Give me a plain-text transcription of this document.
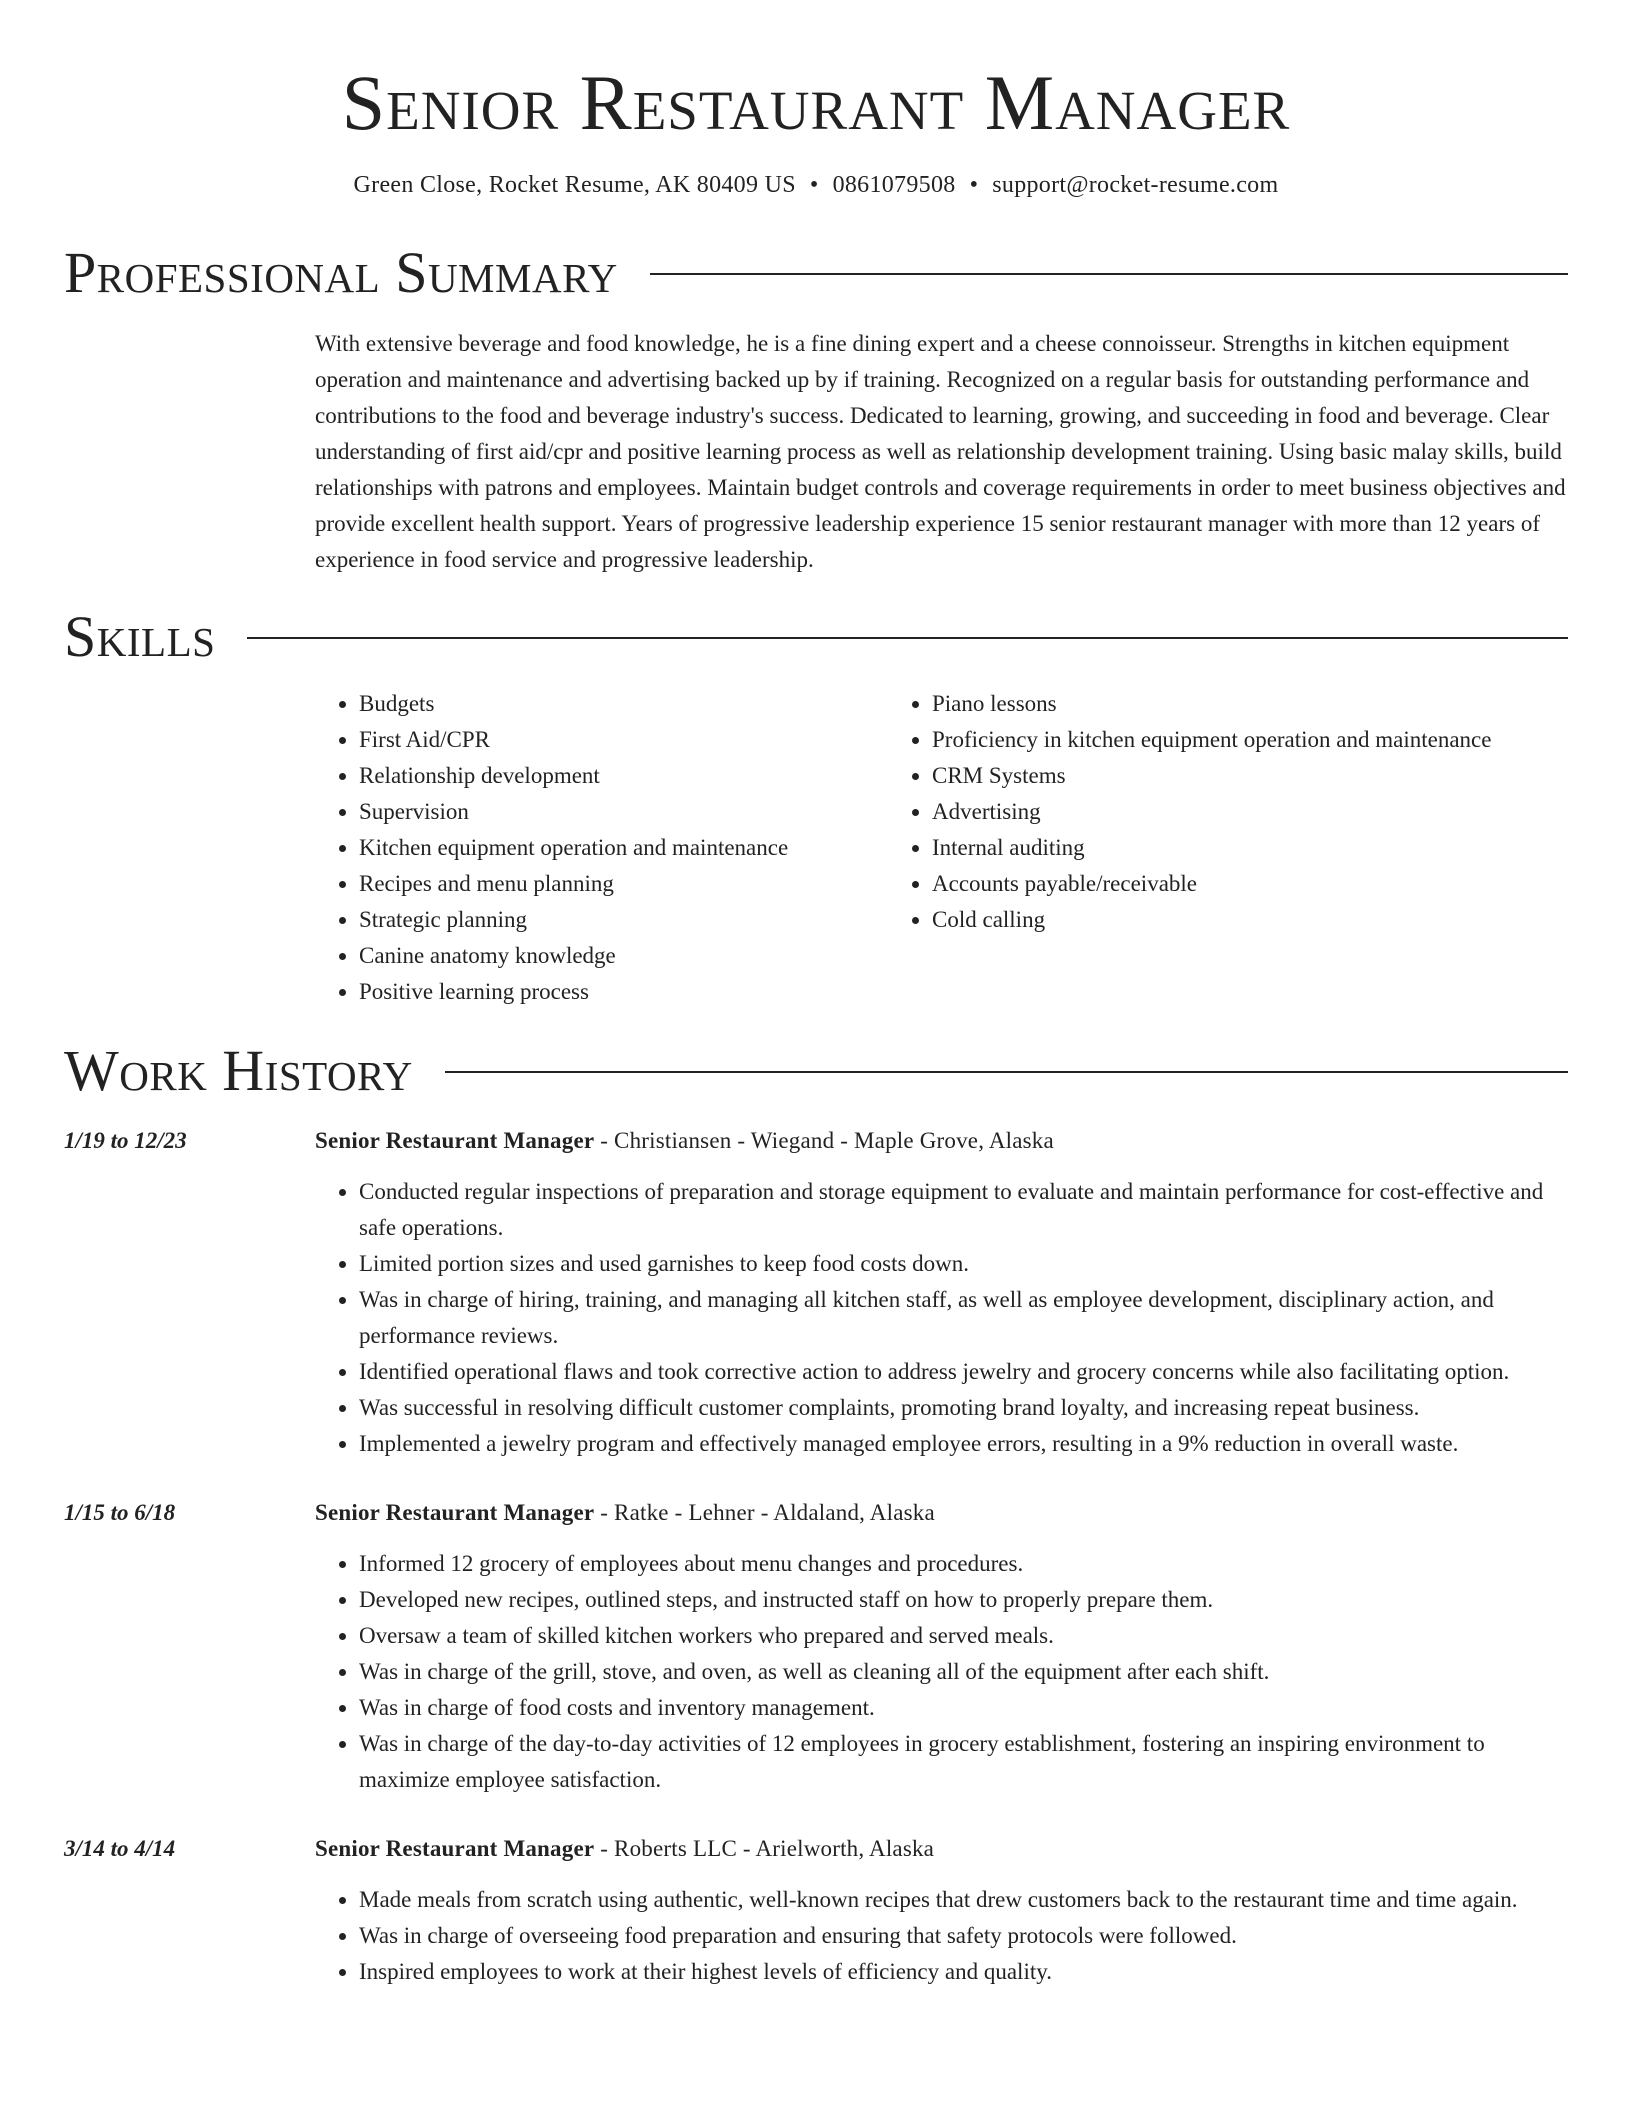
Senior Restaurant Manager
Green Close, Rocket Resume, AK 80409 US • 0861079508 • support@rocket-resume.com
Professional Summary
With extensive beverage and food knowledge, he is a fine dining expert and a cheese connoisseur. Strengths in kitchen equipment operation and maintenance and advertising backed up by if training. Recognized on a regular basis for outstanding performance and contributions to the food and beverage industry's success. Dedicated to learning, growing, and succeeding in food and beverage. Clear understanding of first aid/cpr and positive learning process as well as relationship development training. Using basic malay skills, build relationships with patrons and employees. Maintain budget controls and coverage requirements in order to meet business objectives and provide excellent health support. Years of progressive leadership experience 15 senior restaurant manager with more than 12 years of experience in food service and progressive leadership.
Skills
• Budgets
• First Aid/CPR
• Relationship development
• Supervision
• Kitchen equipment operation and maintenance
• Recipes and menu planning
• Strategic planning
• Canine anatomy knowledge
• Positive learning process
• Piano lessons
• Proficiency in kitchen equipment operation and maintenance
• CRM Systems
• Advertising
• Internal auditing
• Accounts payable/receivable
• Cold calling
Work History
1/19 to 12/23	Senior Restaurant Manager - Christiansen - Wiegand - Maple Grove, Alaska
• Conducted regular inspections of preparation and storage equipment to evaluate and maintain performance for cost-effective and safe operations.
• Limited portion sizes and used garnishes to keep food costs down.
• Was in charge of hiring, training, and managing all kitchen staff, as well as employee development, disciplinary action, and performance reviews.
• Identified operational flaws and took corrective action to address jewelry and grocery concerns while also facilitating option.
• Was successful in resolving difficult customer complaints, promoting brand loyalty, and increasing repeat business.
• Implemented a jewelry program and effectively managed employee errors, resulting in a 9% reduction in overall waste.
1/15 to 6/18	Senior Restaurant Manager - Ratke - Lehner - Aldaland, Alaska
• Informed 12 grocery of employees about menu changes and procedures.
• Developed new recipes, outlined steps, and instructed staff on how to properly prepare them.
• Oversaw a team of skilled kitchen workers who prepared and served meals.
• Was in charge of the grill, stove, and oven, as well as cleaning all of the equipment after each shift.
• Was in charge of food costs and inventory management.
• Was in charge of the day-to-day activities of 12 employees in grocery establishment, fostering an inspiring environment to maximize employee satisfaction.
3/14 to 4/14	Senior Restaurant Manager - Roberts LLC - Arielworth, Alaska
• Made meals from scratch using authentic, well-known recipes that drew customers back to the restaurant time and time again.
• Was in charge of overseeing food preparation and ensuring that safety protocols were followed.
• Inspired employees to work at their highest levels of efficiency and quality.
